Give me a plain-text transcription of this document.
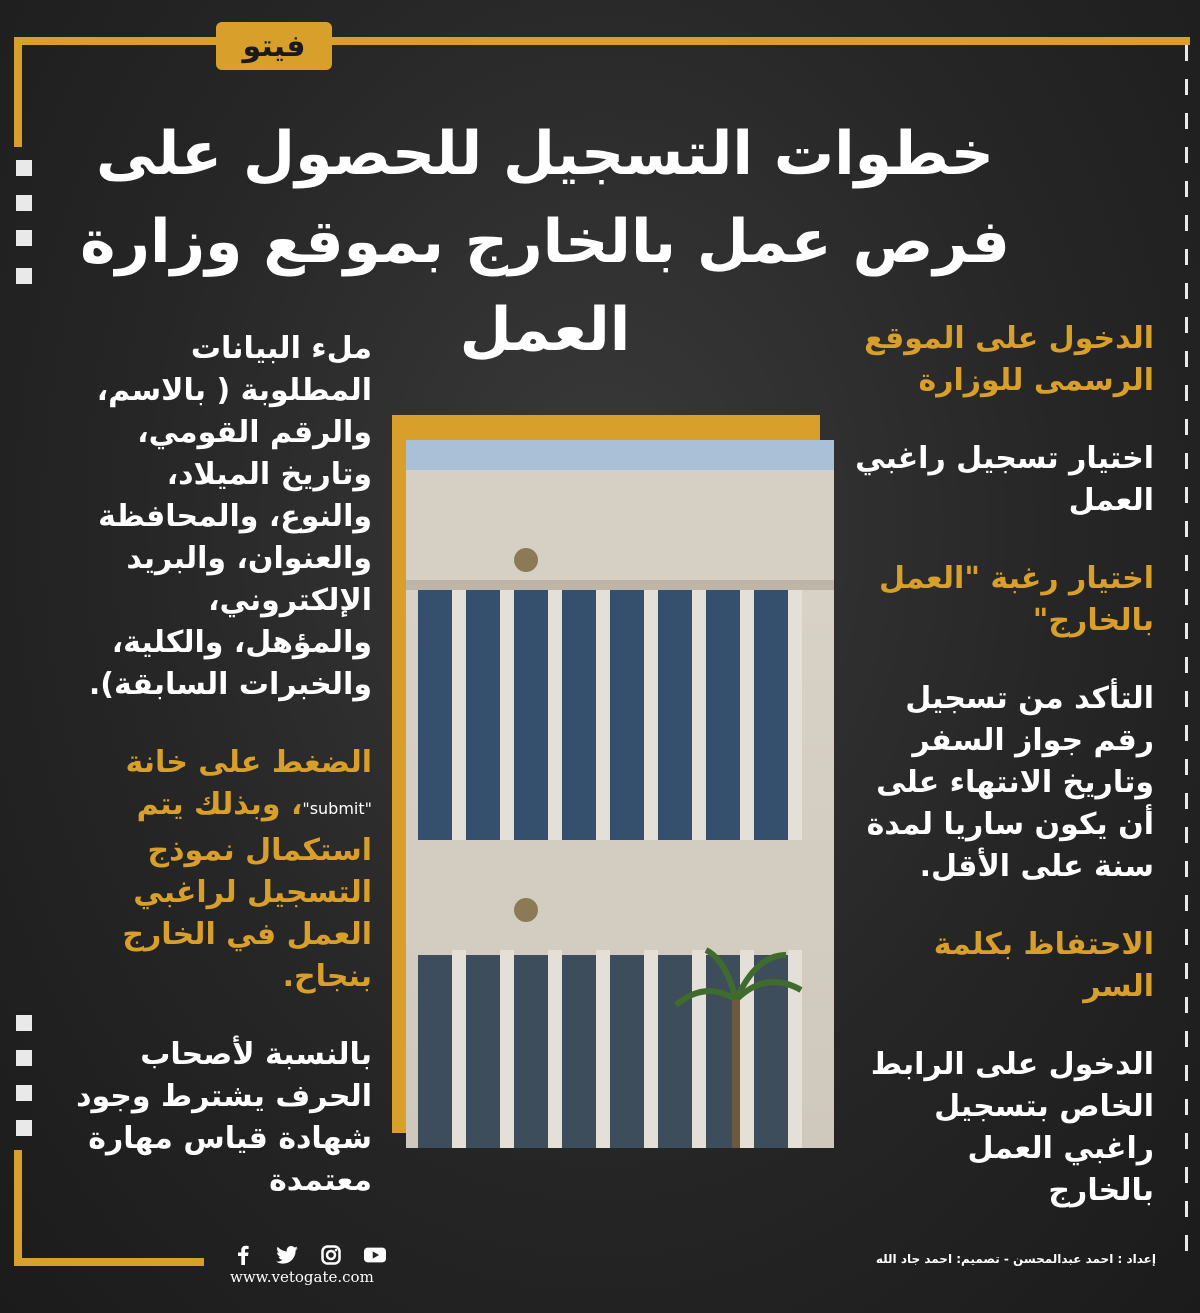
فيتو
خطوات التسجيل للحصول على
فرص عمل بالخارج بموقع وزارة العمل	الدخول على الموقع الرسمى للوزارة
اختيار تسجيل راغبي العمل
اختيار رغبة "العمل بالخارج"
التأكد من تسجيل رقم جواز السفر وتاريخ الانتهاء على أن يكون ساريا لمدة سنة على الأقل.
الاحتفاظ بكلمة السر
الدخول على الرابط الخاص بتسجيل راغبي العمل بالخارج
ملء البيانات المطلوبة ( بالاسم، والرقم القومي، وتاريخ الميلاد، والنوع، والمحافظة والعنوان، والبريد الإلكتروني، والمؤهل، والكلية، والخبرات السابقة).
الضغط على خانة "submit"، وبذلك يتم استكمال نموذج التسجيل لراغبي العمل في الخارج بنجاح.
بالنسبة لأصحاب الحرف يشترط وجود شهادة قياس مهارة معتمدة
www.vetogate.com
إعداد : احمد عبدالمحسن - تصميم: احمد جاد الله
